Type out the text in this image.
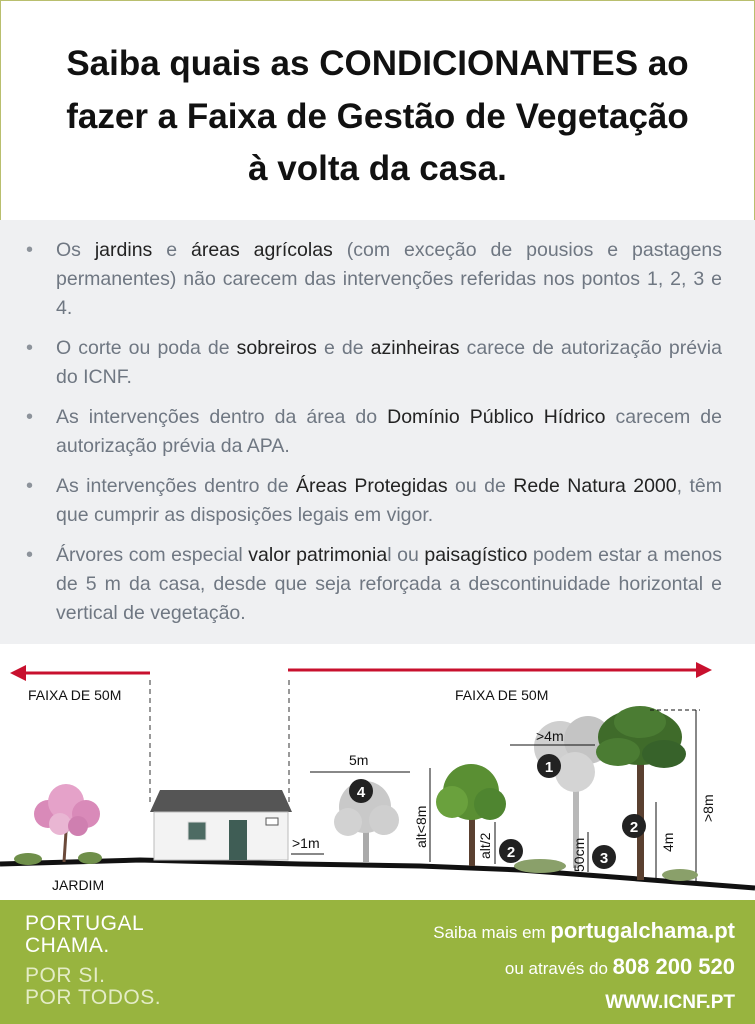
Saiba quais as CONDICIONANTES ao
fazer a Faixa de Gestão de Vegetação
à volta da casa.
• Os jardins e áreas agrícolas (com exceção de pousios e pastagens permanentes) não carecem das intervenções referidas nos pontos 1, 2, 3 e 4.
• O corte ou poda de sobreiros e de azinheiras carece de autorização prévia do ICNF.
• As intervenções dentro da área do Domínio Público Hídrico carecem de autorização prévia da APA.
• As intervenções dentro de Áreas Protegidas ou de Rede Natura 2000, têm que cumprir as disposições legais em vigor.
• Árvores com especial valor patrimonial ou paisagístico podem estar a menos de 5 m da casa, desde que seja reforçada a descontinuidade horizontal e vertical de vegetação.
FAIXA DE 50M	FAIXA DE 50M
JARDIM
>1m
5m
4
alt<8m	alt/2 2
>4m
1
50cm 3
2
4m
>8m
PORTUGAL
CHAMA.
POR SI.
POR TODOS.
Saiba mais em portugalchama.pt
ou através do 808 200 520
WWW.ICNF.PT
